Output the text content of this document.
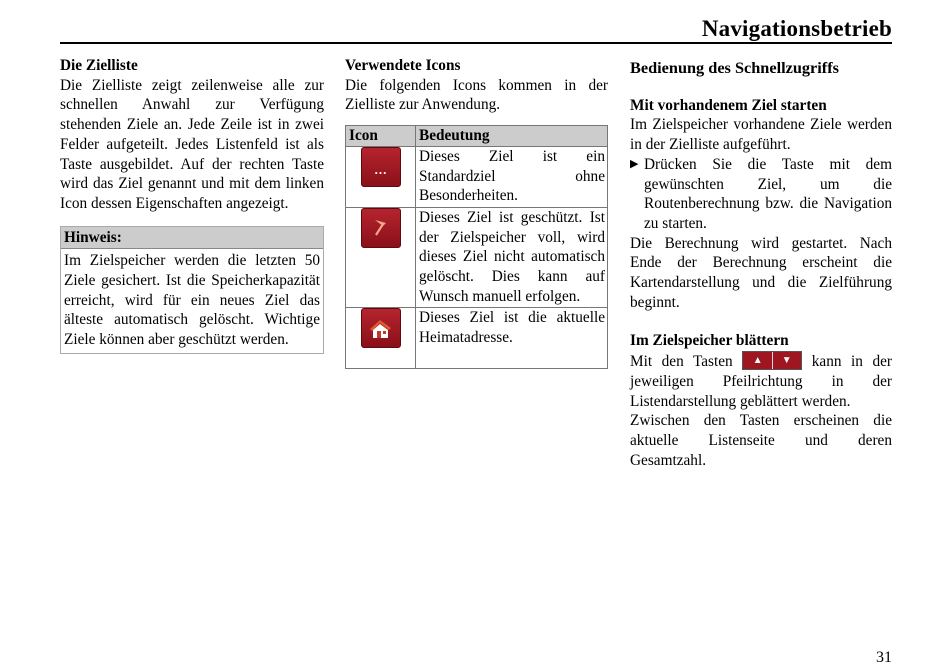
Navigationsbetrieb
Die Zielliste
Die Zielliste zeigt zeilenweise alle zur schnellen Anwahl zur Verfügung stehenden Ziele an. Jede Zeile ist in zwei Felder aufgeteilt. Jedes Listenfeld ist als Taste ausgebildet. Auf der rechten Taste wird das Ziel genannt und mit dem linken Icon dessen Eigenschaften angezeigt.
Hinweis:
Im Zielspeicher werden die letzten 50 Ziele gesichert. Ist die Speicherkapazität erreicht, wird für ein neues Ziel das älteste automatisch gelöscht. Wichtige Ziele können aber geschützt werden.
Verwendete Icons
Die folgenden Icons kommen in der Zielliste zur Anwendung.
Icon	Bedeutung

...	Dieses Ziel ist ein Standardziel ohne Besonderheiten.

	Dieses Ziel ist geschützt. Ist der Zielspeicher voll, wird dieses Ziel nicht automatisch gelöscht. Dies kann auf Wunsch manuell erfolgen.

	Dieses Ziel ist die aktuelle Heimatadresse.
Bedienung des Schnellzugriffs
Mit vorhandenem Ziel starten
Im Zielspeicher vorhandene Ziele werden in der Zielliste aufgeführt.
▶ Drücken Sie die Taste mit dem gewünschten Ziel, um die Routenberechnung bzw. die Navigation zu starten.
Die Berechnung wird gestartet. Nach Ende der Berechnung erscheint die Kartendarstellung und die Zielführung beginnt.
Im Zielspeicher blättern
Mit den Tasten	▲	▼	kann in der jeweiligen Pfeilrichtung in der Listendarstellung geblättert werden.
Zwischen den Tasten erscheinen die aktuelle Listenseite und deren Gesamtzahl.
31
